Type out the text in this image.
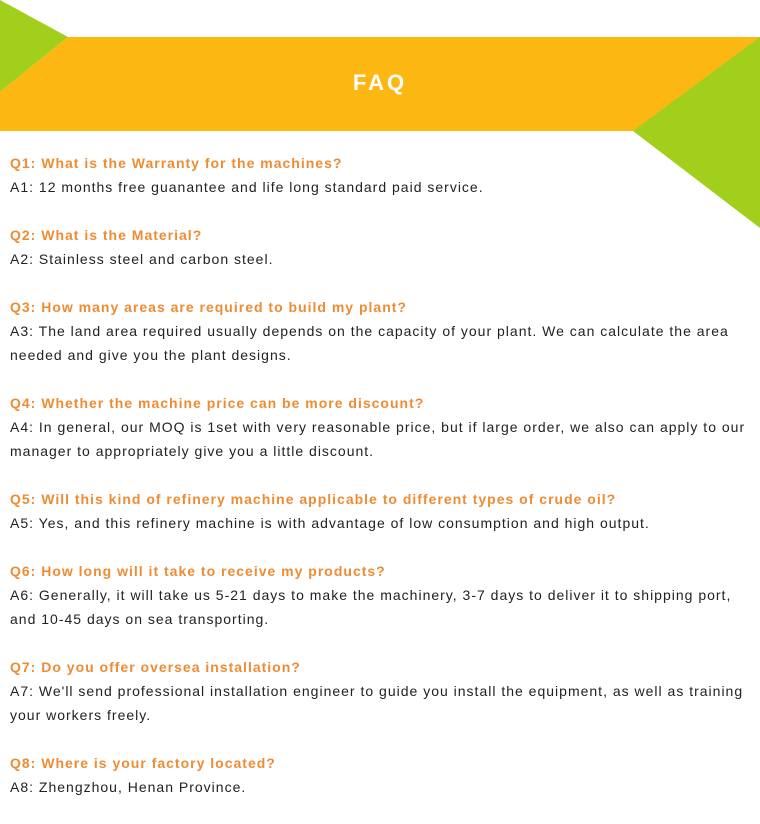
FAQ

Q1: What is the Warranty for the machines?

A1: 12 months free guanantee and life long standard paid service.

Q2: What is the Material?

A2: Stainless steel and carbon steel.

Q3: How many areas are required to build my plant?

A3: The land area required usually depends on the capacity of your plant. We can calculate the area needed and give you the plant designs.

Q4: Whether the machine price can be more discount?

A4: In general, our MOQ is 1set with very reasonable price, but if large order, we also can apply to our manager to appropriately give you a little discount.

Q5: Will this kind of refinery machine applicable to different types of crude oil?

A5: Yes, and this refinery machine is with advantage of low consumption and high output.

Q6: How long will it take to receive my products?

A6: Generally, it will take us 5-21 days to make the machinery, 3-7 days to deliver it to shipping port, and 10-45 days on sea transporting.

Q7: Do you offer oversea installation?

A7: We'll send professional installation engineer to guide you install the equipment, as well as training your workers freely.

Q8: Where is your factory located?

A8: Zhengzhou, Henan Province.
